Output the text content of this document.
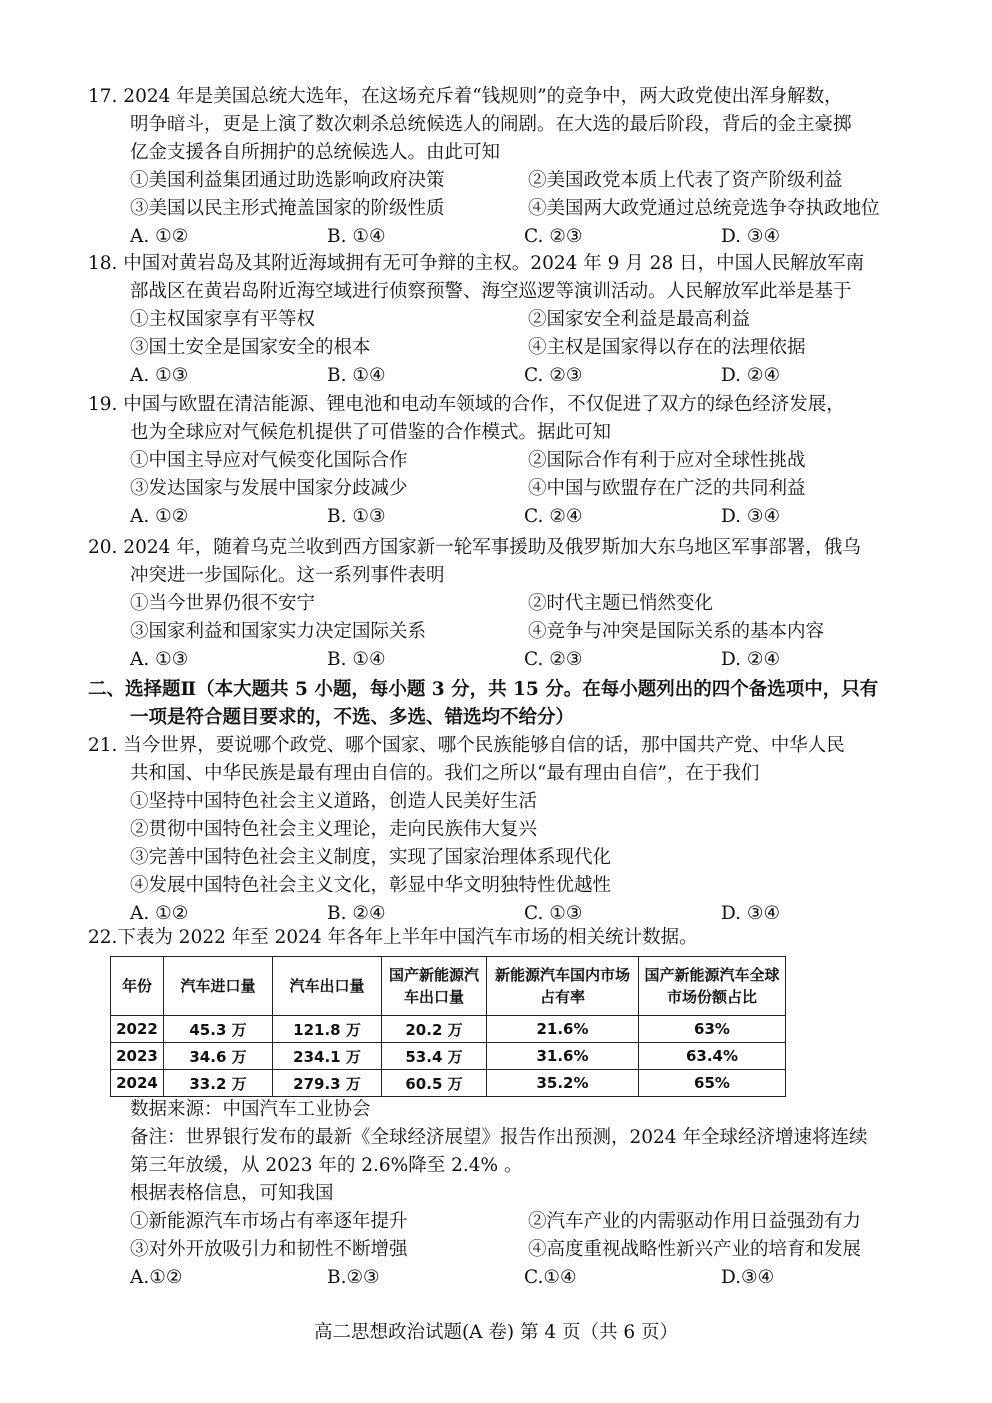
17. 2024 年是美国总统大选年，在这场充斥着“钱规则”的竞争中，两大政党使出浑身解数，
明争暗斗，更是上演了数次刺杀总统候选人的闹剧。在大选的最后阶段，背后的金主豪掷
亿金支援各自所拥护的总统候选人。由此可知
①美国利益集团通过助选影响政府决策	②美国政党本质上代表了资产阶级利益
③美国以民主形式掩盖国家的阶级性质	④美国两大政党通过总统竞选争夺执政地位
A. ①②	B. ①④	C. ②③	D. ③④
18. 中国对黄岩岛及其附近海域拥有无可争辩的主权。2024 年 9 月 28 日，中国人民解放军南
部战区在黄岩岛附近海空域进行侦察预警、海空巡逻等演训活动。人民解放军此举是基于
①主权国家享有平等权	②国家安全利益是最高利益
③国土安全是国家安全的根本	④主权是国家得以存在的法理依据
A. ①③	B. ①④	C. ②③	D. ②④
19. 中国与欧盟在清洁能源、锂电池和电动车领域的合作，不仅促进了双方的绿色经济发展，
也为全球应对气候危机提供了可借鉴的合作模式。据此可知
①中国主导应对气候变化国际合作	②国际合作有利于应对全球性挑战
③发达国家与发展中国家分歧减少	④中国与欧盟存在广泛的共同利益
A. ①②	B. ①③	C. ②④	D. ③④
20. 2024 年，随着乌克兰收到西方国家新一轮军事援助及俄罗斯加大东乌地区军事部署，俄乌
冲突进一步国际化。这一系列事件表明
①当今世界仍很不安宁	②时代主题已悄然变化
③国家利益和国家实力决定国际关系	④竞争与冲突是国际关系的基本内容
A. ①③	B. ①④	C. ②③	D. ②④
二、选择题Ⅱ（本大题共 5 小题，每小题 3 分，共 15 分。在每小题列出的四个备选项中，只有
一项是符合题目要求的，不选、多选、错选均不给分）
21. 当今世界，要说哪个政党、哪个国家、哪个民族能够自信的话，那中国共产党、中华人民
共和国、中华民族是最有理由自信的。我们之所以“最有理由自信”，在于我们
①坚持中国特色社会主义道路，创造人民美好生活
②贯彻中国特色社会主义理论，走向民族伟大复兴
③完善中国特色社会主义制度，实现了国家治理体系现代化
④发展中国特色社会主义文化，彰显中华文明独特性优越性
A. ①②	B. ②④	C. ①③	D. ③④
22.下表为 2022 年至 2024 年各年上半年中国汽车市场的相关统计数据。
年份	汽车进口量	汽车出口量	国产新能源汽车出口量	新能源汽车国内市场占有率	国产新能源汽车全球市场份额占比
2022	45.3 万	121.8 万	20.2 万	21.6%	63%
2023	34.6 万	234.1 万	53.4 万	31.6%	63.4%
2024	33.2 万	279.3 万	60.5 万	35.2%	65%
数据来源：中国汽车工业协会
备注：世界银行发布的最新《全球经济展望》报告作出预测，2024 年全球经济增速将连续
第三年放缓，从 2023 年的 2.6%降至 2.4% 。
根据表格信息，可知我国
①新能源汽车市场占有率逐年提升	②汽车产业的内需驱动作用日益强劲有力
③对外开放吸引力和韧性不断增强	④高度重视战略性新兴产业的培育和发展
A.①②	B.②③	C.①④	D.③④
高二思想政治试题(A 卷) 第 4 页（共 6 页）
